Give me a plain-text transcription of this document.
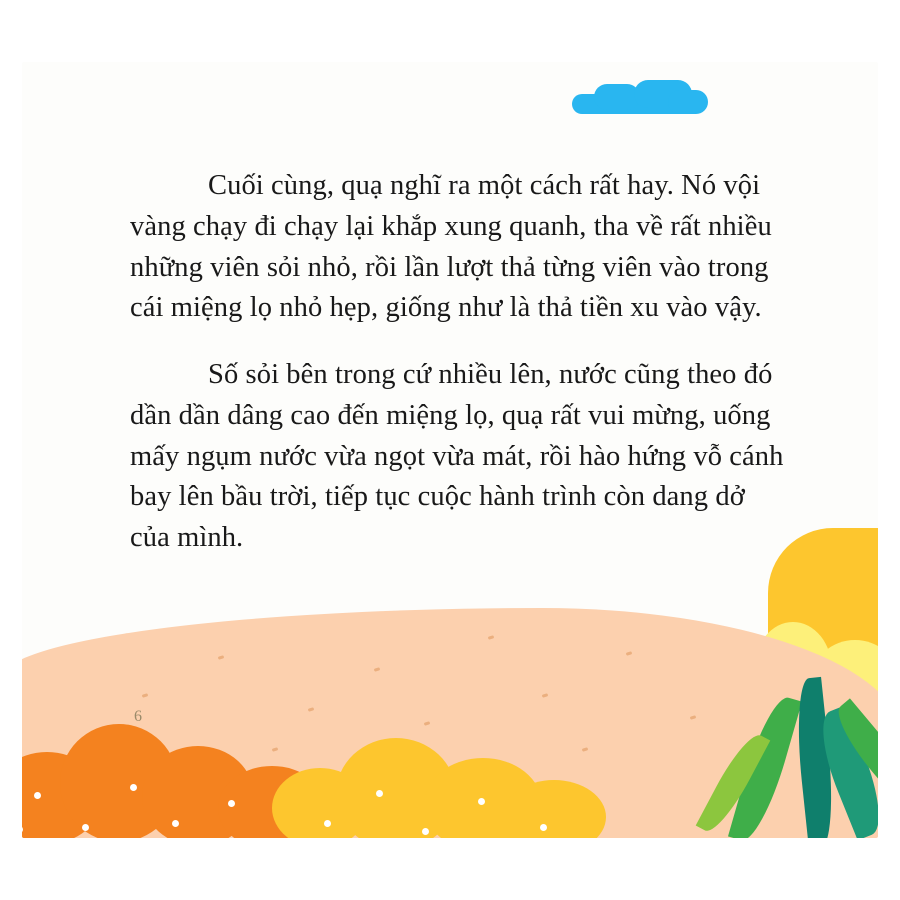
Cuối cùng, quạ nghĩ ra một cách rất hay. Nó vội vàng chạy đi chạy lại khắp xung quanh, tha về rất nhiều những viên sỏi nhỏ, rồi lần lượt thả từng viên vào trong cái miệng lọ nhỏ hẹp, giống như là thả tiền xu vào vậy.

Số sỏi bên trong cứ nhiều lên, nước cũng theo đó dần dần dâng cao đến miệng lọ, quạ rất vui mừng, uống mấy ngụm nước vừa ngọt vừa mát, rồi hào hứng vỗ cánh bay lên bầu trời, tiếp tục cuộc hành trình còn dang dở của mình.

6
